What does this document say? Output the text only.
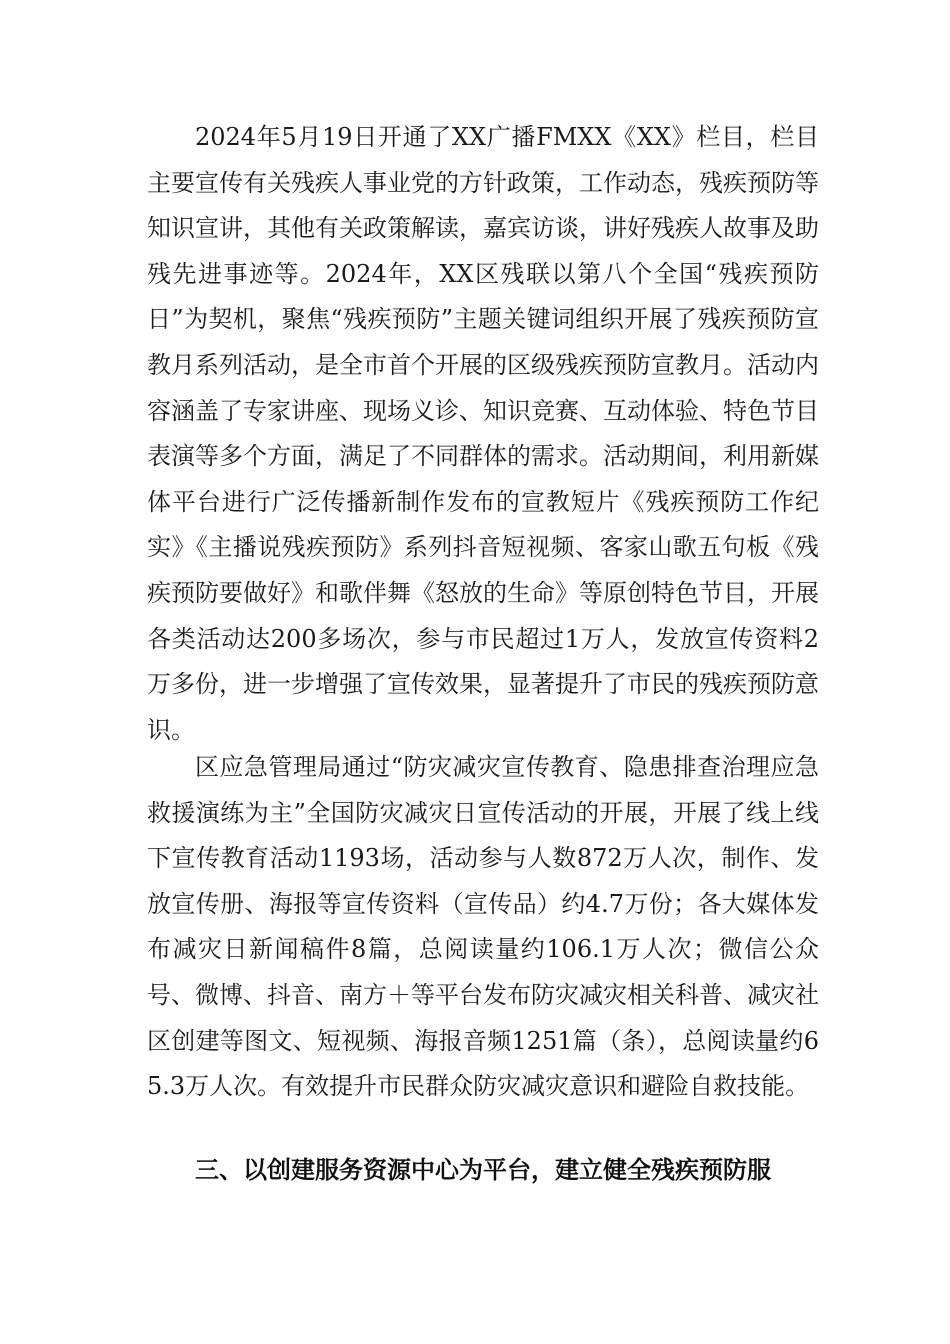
2024年5月19日开通了XX广播FMXX《XX》栏目，栏目主要宣传有关残疾人事业党的方针政策，工作动态，残疾预防等知识宣讲，其他有关政策解读，嘉宾访谈，讲好残疾人故事及助残先进事迹等。2024年，XX区残联以第八个全国“残疾预防日”为契机，聚焦“残疾预防”主题关键词组织开展了残疾预防宣教月系列活动，是全市首个开展的区级残疾预防宣教月。活动内容涵盖了专家讲座、现场义诊、知识竞赛、互动体验、特色节目表演等多个方面，满足了不同群体的需求。活动期间，利用新媒体平台进行广泛传播新制作发布的宣教短片《残疾预防工作纪实》《主播说残疾预防》系列抖音短视频、客家山歌五句板《残疾预防要做好》和歌伴舞《怒放的生命》等原创特色节目，开展各类活动达200多场次，参与市民超过1万人，发放宣传资料2万多份，进一步增强了宣传效果，显著提升了市民的残疾预防意识。

区应急管理局通过“防灾减灾宣传教育、隐患排查治理应急救援演练为主”全国防灾减灾日宣传活动的开展，开展了线上线下宣传教育活动1193场，活动参与人数872万人次，制作、发放宣传册、海报等宣传资料（宣传品）约4.7万份；各大媒体发布减灾日新闻稿件8篇，总阅读量约106.1万人次；微信公众号、微博、抖音、南方＋等平台发布防灾减灾相关科普、减灾社区创建等图文、短视频、海报音频1251篇（条），总阅读量约65.3万人次。有效提升市民群众防灾减灾意识和避险自救技能。

三、以创建服务资源中心为平台，建立健全残疾预防服
